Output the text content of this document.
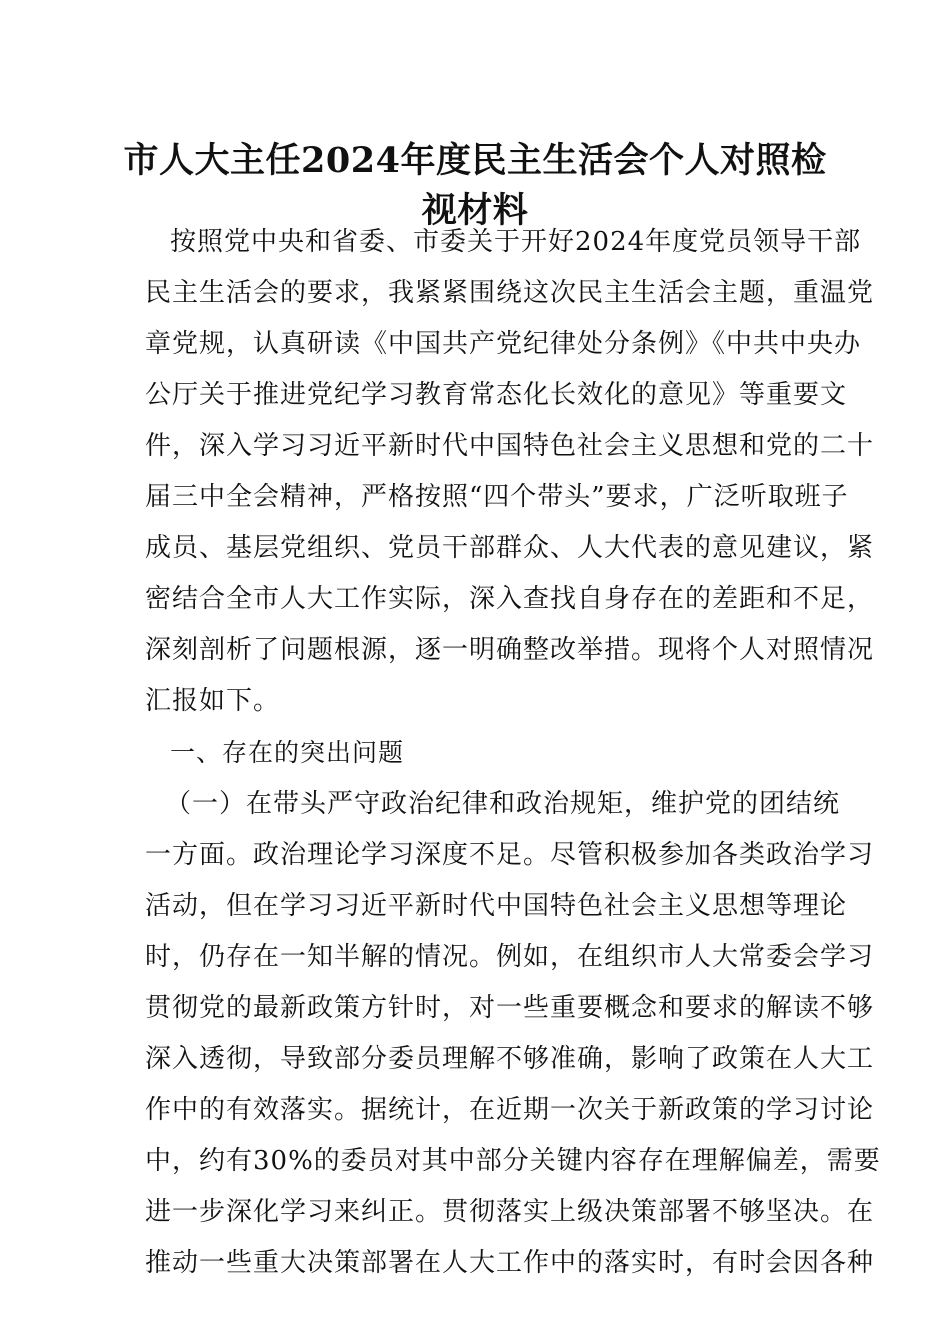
市人大主任2024年度民主生活会个人对照检
视材料
按照党中央和省委、市委关于开好2024年度党员领导干部
民主生活会的要求，我紧紧围绕这次民主生活会主题，重温党
章党规，认真研读《中国共产党纪律处分条例》《中共中央办
公厅关于推进党纪学习教育常态化长效化的意见》等重要文
件，深入学习习近平新时代中国特色社会主义思想和党的二十
届三中全会精神，严格按照“四个带头”要求，广泛听取班子
成员、基层党组织、党员干部群众、人大代表的意见建议，紧
密结合全市人大工作实际，深入查找自身存在的差距和不足，
深刻剖析了问题根源，逐一明确整改举措。现将个人对照情况
汇报如下。
一、存在的突出问题
（一）在带头严守政治纪律和政治规矩，维护党的团结统
一方面。政治理论学习深度不足。尽管积极参加各类政治学习
活动，但在学习习近平新时代中国特色社会主义思想等理论
时，仍存在一知半解的情况。例如，在组织市人大常委会学习
贯彻党的最新政策方针时，对一些重要概念和要求的解读不够
深入透彻，导致部分委员理解不够准确，影响了政策在人大工
作中的有效落实。据统计，在近期一次关于新政策的学习讨论
中，约有30%的委员对其中部分关键内容存在理解偏差，需要
进一步深化学习来纠正。贯彻落实上级决策部署不够坚决。在
推动一些重大决策部署在人大工作中的落实时，有时会因各种
